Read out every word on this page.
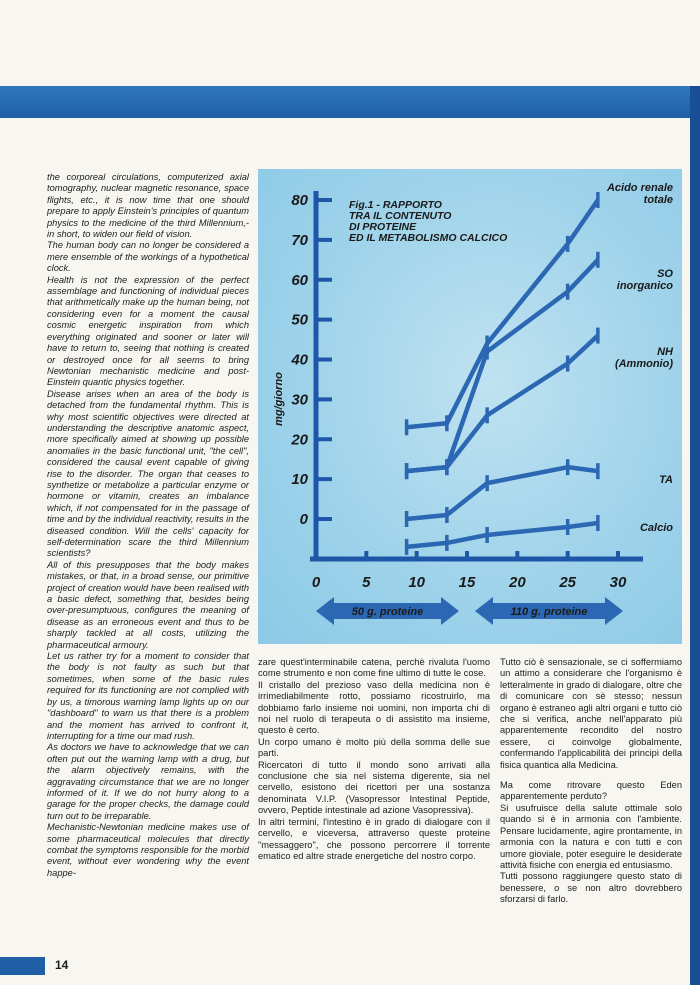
the corporeal circulations, computerized axial tomography, nuclear magnetic resonance, space flights, etc., it is now time that one should prepare to apply Einstein's principles of quantum physics to the medicine of the third Millennium,- in short, to widen our field of vision.

The human body can no longer be considered a mere ensemble of the workings of a hypothetical clock.

Health is not the expression of the perfect assemblage and functioning of individual pieces that arithmetically make up the human being, not considering even for a moment the causal cosmic energetic inspiration from which everything originated and sooner or later will have to return to, seeing that nothing is created or destroyed once for all seems to bring Newtonian mechanistic medicine and post-Einstein quantic physics together.

Disease arises when an area of the body is detached from the fundamental rhythm. This is why most scientific objectives were directed at understanding the descriptive anatomic aspect, more specifically aimed at showing up possible anomalies in the basic functional unit, "the cell", considered the causal event capable of giving rise to the disorder. The organ that ceases to synthetize or metabolize a particular enzyme or hormone or vitamin, creates an imbalance which, if not compensated for in the passage of time and by the individual reactivity, results in the diseased condition. Will the cells' capacity for self-determination scare the third Millennium scientists?

All of this presupposes that the body makes mistakes, or that, in a broad sense, our primitive project of creation would have been realised with a basic defect, something that, besides being over-presumptuous, configures the meaning of disease as an erroneous event and thus to be sharply tackled at all costs, utilizing the pharmaceutical armoury.

Let us rather try for a moment to consider that the body is not faulty as such but that sometimes, when some of the basic rules required for its functioning are not complied with by us, a timorous warning lamp lights up on our "dashboard" to warn us that there is a problem and the moment has arrived to confront it, interrupting for a time our mad rush.

As doctors we have to acknowledge that we can often put out the warning lamp with a drug, but the alarm objectively remains, with the aggravating circumstance that we are no longer informed of it. If we do not hurry along to a garage for the proper checks, the damage could turn out to be irreparable.

Mechanistic-Newtonian medicine makes use of some pharmaceutical molecules that directly combat the symptoms responsible for the morbid event, without ever wondering why the event happe-

0
10
20
30
40
50
60
70
80
0	5	10 15 20 25 30
mg/giorno
Fig.1 - RAPPORTO
TRA IL CONTENUTO
DI PROTEINE
ED IL METABOLISMO CALCICO
Acido renale
totale
SO
inorganico
NH
(Ammonio)
TA
Calcio
50 g. proteine	110 g. proteine

zare quest'interminabile catena, perchè rivaluta l'uomo come strumento e non come fine ultimo di tutte le cose.

Il cristallo del prezioso vaso della medicina non è irrimediabilmente rotto, possiamo ricostruirlo, ma dobbiamo farlo insieme noi uomini, non importa chi di noi nel ruolo di terapeuta o di assistito ma insieme, questo è certo.

Un corpo umano è molto più della somma delle sue parti.

Ricercatori di tutto il mondo sono arrivati alla conclusione che sia nel sistema digerente, sia nel cervello, esistono dei ricettori per una sostanza denominata V.I.P. (Vasopressor Intestinal Peptide, ovvero, Peptide intestinale ad azione Vasopressiva).

In altri termini, l'intestino è in grado di dialogare con il cervello, e viceversa, attraverso queste proteine "messaggero", che possono percorrere il torrente ematico ed altre strade energetiche del nostro corpo.

Tutto ciò è sensazionale, se ci soffermiamo un attimo a considerare che l'organismo è letteralmente in grado di dialogare, oltre che di comunicare con sè stesso; nessun organo è estraneo agli altri organi e tutto ciò che si verifica, anche nell'apparato più apparentemente recondito del nostro essere, ci coinvolge globalmente, confermando l'applicabilità dei principi della fisica quantica alla Medicina.

Ma come ritrovare questo Eden apparentemente perduto?

Si usufruisce della salute ottimale solo quando si è in armonia con l'ambiente. Pensare lucidamente, agire prontamente, in armonia con la natura e con tutti e con umore gioviale, poter eseguire le desiderate attività fisiche con energia ed entusiasmo.

Tutti possono raggiungere questo stato di benessere, o se non altro dovrebbero sforzarsi di farlo.

14
